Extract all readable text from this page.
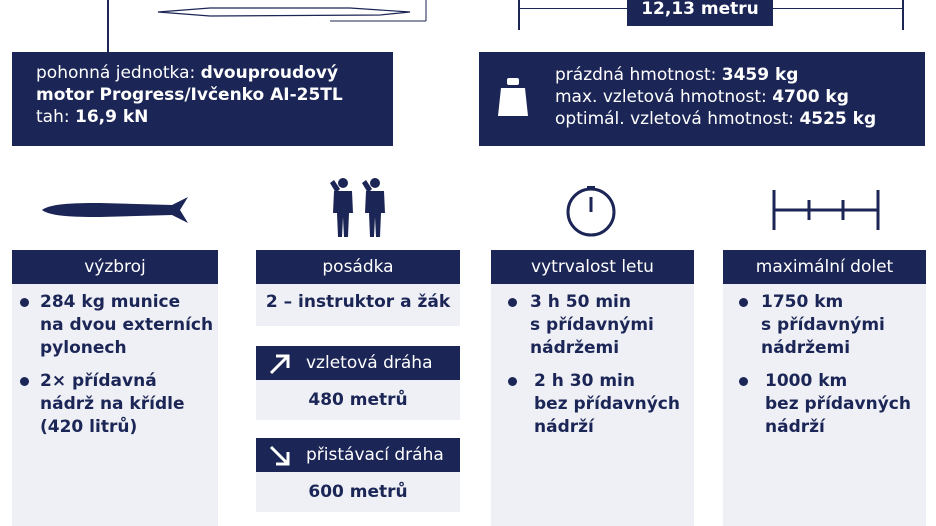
12,13 metru
pohonná jednotka: dvouproudový
motor Progress/Ivčenko AI-25TL
tah: 16,9 kN
prázdná hmotnost: 3459 kg
max. vzletová hmotnost: 4700 kg
optimál. vzletová hmotnost: 4525 kg
výzbroj
284 kg munice
na dvou externích
pylonech
2× přídavná
nádrž na křídle
(420 litrů)
posádka
2 – instruktor a žák
vzletová dráha
480 metrů
přistávací dráha
600 metrů
vytrvalost letu
3 h 50 min
s přídavnými
nádržemi
2 h 30 min
bez přídavných
nádrží
maximální dolet
1750 km
s přídavnými
nádržemi
1000 km
bez přídavných
nádrží
